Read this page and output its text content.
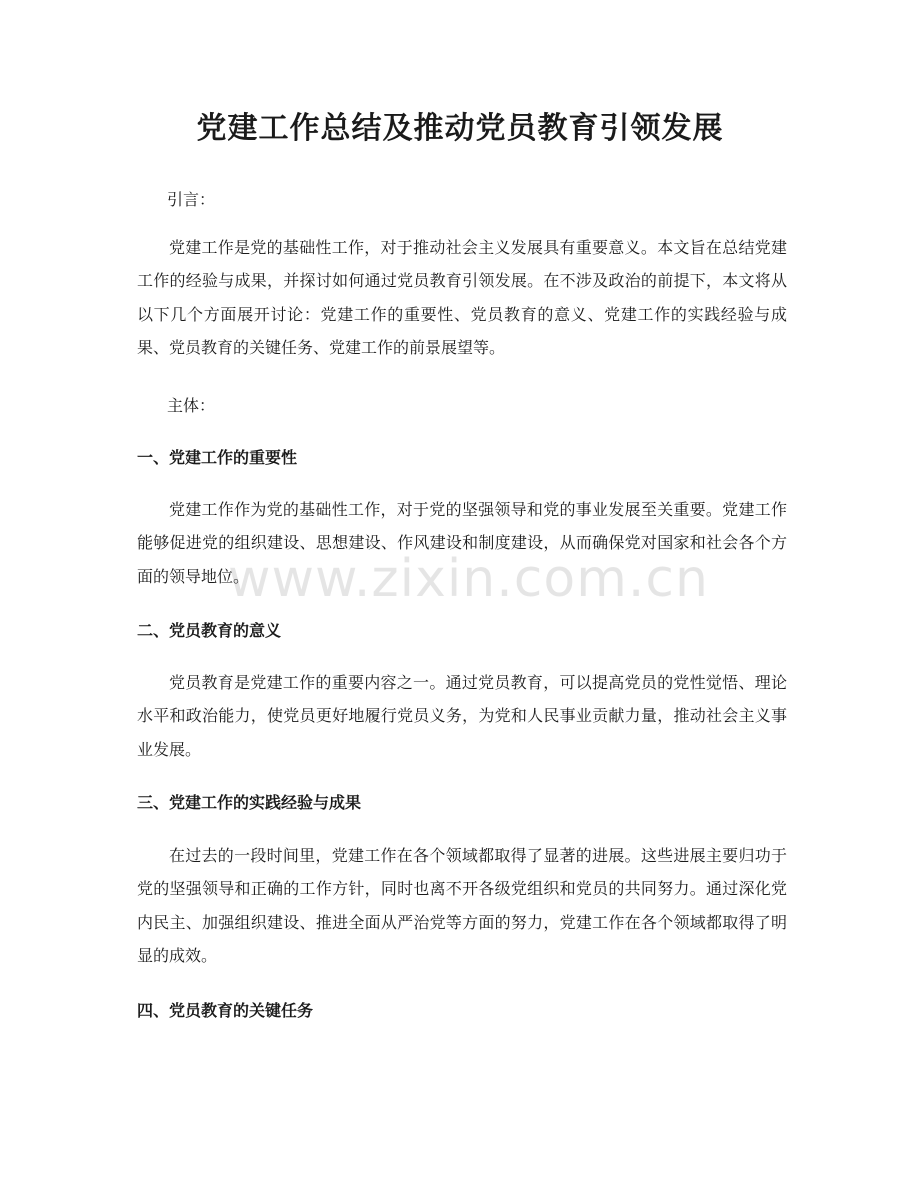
党建工作总结及推动党员教育引领发展

引言：

党建工作是党的基础性工作，对于推动社会主义发展具有重要意义。本文旨在总结党建工作的经验与成果，并探讨如何通过党员教育引领发展。在不涉及政治的前提下，本文将从以下几个方面展开讨论：党建工作的重要性、党员教育的意义、党建工作的实践经验与成果、党员教育的关键任务、党建工作的前景展望等。

主体：

一、党建工作的重要性

党建工作作为党的基础性工作，对于党的坚强领导和党的事业发展至关重要。党建工作能够促进党的组织建设、思想建设、作风建设和制度建设，从而确保党对国家和社会各个方面的领导地位。

二、党员教育的意义

党员教育是党建工作的重要内容之一。通过党员教育，可以提高党员的党性觉悟、理论水平和政治能力，使党员更好地履行党员义务，为党和人民事业贡献力量，推动社会主义事业发展。

三、党建工作的实践经验与成果

在过去的一段时间里，党建工作在各个领域都取得了显著的进展。这些进展主要归功于党的坚强领导和正确的工作方针，同时也离不开各级党组织和党员的共同努力。通过深化党内民主、加强组织建设、推进全面从严治党等方面的努力，党建工作在各个领域都取得了明显的成效。

四、党员教育的关键任务
www.zixin.com.cn
